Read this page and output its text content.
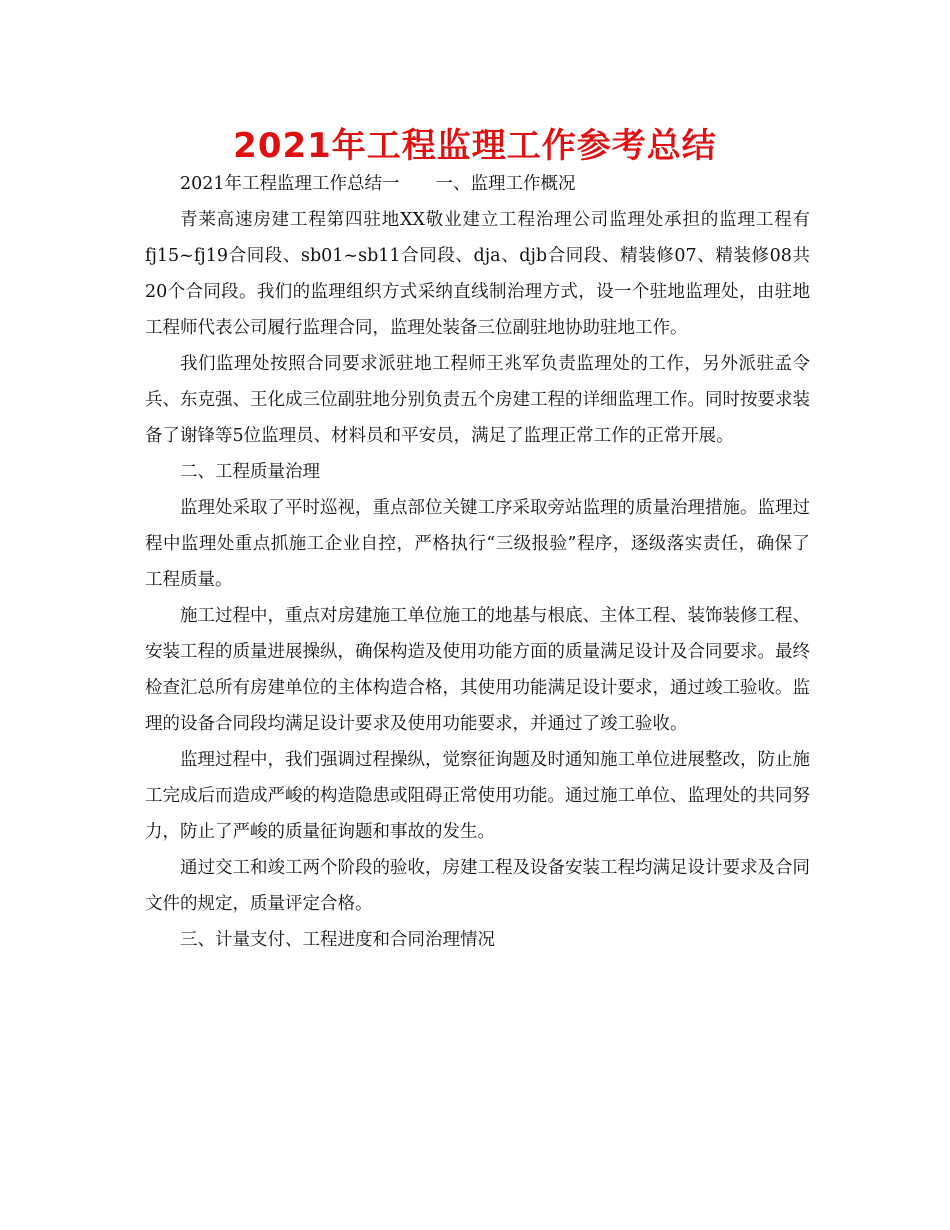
2021年工程监理工作参考总结

2021年工程监理工作总结一 一、监理工作概况

青莱高速房建工程第四驻地XX敬业建立工程治理公司监理处承担的监理工程有fj15~fj19合同段、sb01~sb11合同段、dja、djb合同段、精装修07、精装修08共20个合同段。我们的监理组织方式采纳直线制治理方式，设一个驻地监理处，由驻地工程师代表公司履行监理合同，监理处装备三位副驻地协助驻地工作。

我们监理处按照合同要求派驻地工程师王兆军负责监理处的工作，另外派驻孟令兵、东克强、王化成三位副驻地分别负责五个房建工程的详细监理工作。同时按要求装备了谢锋等5位监理员、材料员和平安员，满足了监理正常工作的正常开展。

二、工程质量治理

监理处采取了平时巡视，重点部位关键工序采取旁站监理的质量治理措施。监理过程中监理处重点抓施工企业自控，严格执行“三级报验”程序，逐级落实责任，确保了工程质量。

施工过程中，重点对房建施工单位施工的地基与根底、主体工程、装饰装修工程、安装工程的质量进展操纵，确保构造及使用功能方面的质量满足设计及合同要求。最终检查汇总所有房建单位的主体构造合格，其使用功能满足设计要求，通过竣工验收。监理的设备合同段均满足设计要求及使用功能要求，并通过了竣工验收。

监理过程中，我们强调过程操纵，觉察征询题及时通知施工单位进展整改，防止施工完成后而造成严峻的构造隐患或阻碍正常使用功能。通过施工单位、监理处的共同努力，防止了严峻的质量征询题和事故的发生。

通过交工和竣工两个阶段的验收，房建工程及设备安装工程均满足设计要求及合同文件的规定，质量评定合格。

三、计量支付、工程进度和合同治理情况
